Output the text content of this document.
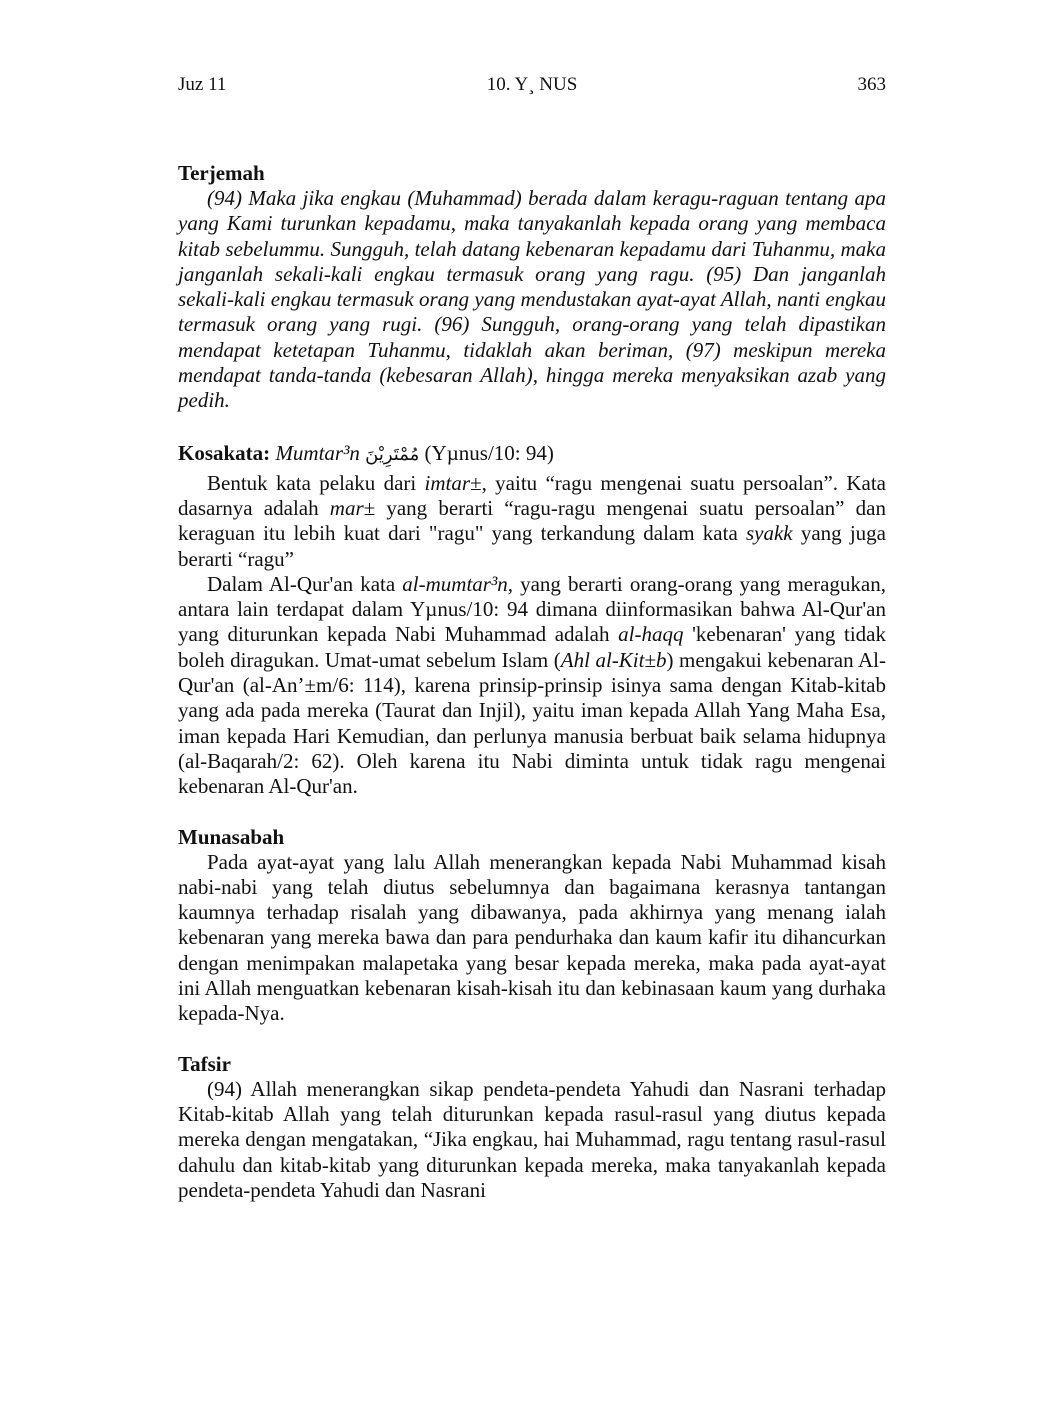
Juz 11	10. Y¸ NUS	363
Terjemah

(94) Maka jika engkau (Muhammad) berada dalam keragu-raguan tentang apa yang Kami turunkan kepadamu, maka tanyakanlah kepada orang yang membaca kitab sebelummu. Sungguh, telah datang kebenaran kepadamu dari Tuhanmu, maka janganlah sekali-kali engkau termasuk orang yang ragu. (95) Dan janganlah sekali-kali engkau termasuk orang yang mendustakan ayat-ayat Allah, nanti engkau termasuk orang yang rugi. (96) Sungguh, orang-orang yang telah dipastikan mendapat ketetapan Tuhanmu, tidaklah akan beriman, (97) meskipun mereka mendapat tanda-tanda (kebesaran Allah), hingga mereka menyaksikan azab yang pedih.

Kosakata: Mumtar³n مُمْتَرِيْنَ (Yµnus/10: 94)

Bentuk kata pelaku dari imtar±, yaitu “ragu mengenai suatu persoalan”. Kata dasarnya adalah mar± yang berarti “ragu-ragu mengenai suatu persoalan” dan keraguan itu lebih kuat dari "ragu" yang terkandung dalam kata syakk yang juga berarti “ragu”

Dalam Al-Qur'an kata al-mumtar³n, yang berarti orang-orang yang meragukan, antara lain terdapat dalam Yµnus/10: 94 dimana diinformasikan bahwa Al-Qur'an yang diturunkan kepada Nabi Muhammad adalah al-haqq 'kebenaran' yang tidak boleh diragukan. Umat-umat sebelum Islam (Ahl al-Kit±b) mengakui kebenaran Al-Qur'an (al-An’±m/6: 114), karena prinsip-prinsip isinya sama dengan Kitab-kitab yang ada pada mereka (Taurat dan Injil), yaitu iman kepada Allah Yang Maha Esa, iman kepada Hari Kemudian, dan perlunya manusia berbuat baik selama hidupnya (al-Baqarah/2: 62). Oleh karena itu Nabi diminta untuk tidak ragu mengenai kebenaran Al-Qur'an.

Munasabah

Pada ayat-ayat yang lalu Allah menerangkan kepada Nabi Muhammad kisah nabi-nabi yang telah diutus sebelumnya dan bagaimana kerasnya tantangan kaumnya terhadap risalah yang dibawanya, pada akhirnya yang menang ialah kebenaran yang mereka bawa dan para pendurhaka dan kaum kafir itu dihancurkan dengan menimpakan malapetaka yang besar kepada mereka, maka pada ayat-ayat ini Allah menguatkan kebenaran kisah-kisah itu dan kebinasaan kaum yang durhaka kepada-Nya.

Tafsir

(94) Allah menerangkan sikap pendeta-pendeta Yahudi dan Nasrani terhadap Kitab-kitab Allah yang telah diturunkan kepada rasul-rasul yang diutus kepada mereka dengan mengatakan, “Jika engkau, hai Muhammad, ragu tentang rasul-rasul dahulu dan kitab-kitab yang diturunkan kepada mereka, maka tanyakanlah kepada pendeta-pendeta Yahudi dan Nasrani
